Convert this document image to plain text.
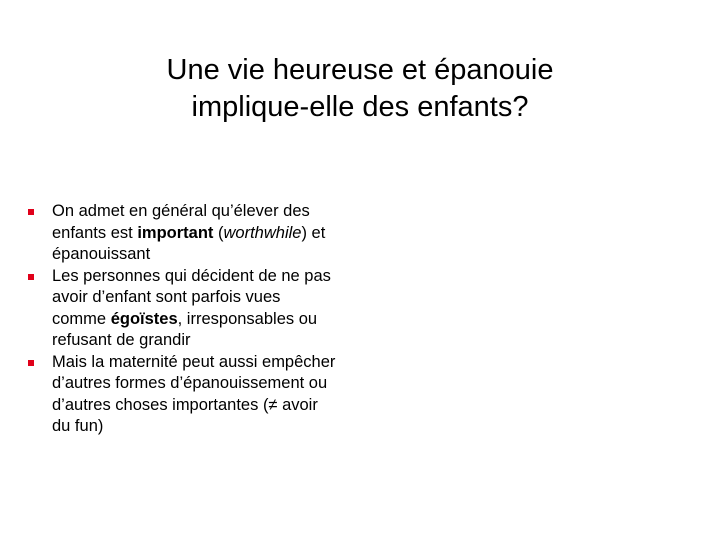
Une vie heureuse et épanouie
implique-elle des enfants?
On admet en général qu’élever des enfants est important (worthwhile) et épanouissant
Les personnes qui décident de ne pas avoir d’enfant sont parfois vues comme égoïstes, irresponsables ou refusant de grandir
Mais la maternité peut aussi empêcher d’autres formes d’épanouissement ou d’autres choses importantes (≠ avoir du fun)
